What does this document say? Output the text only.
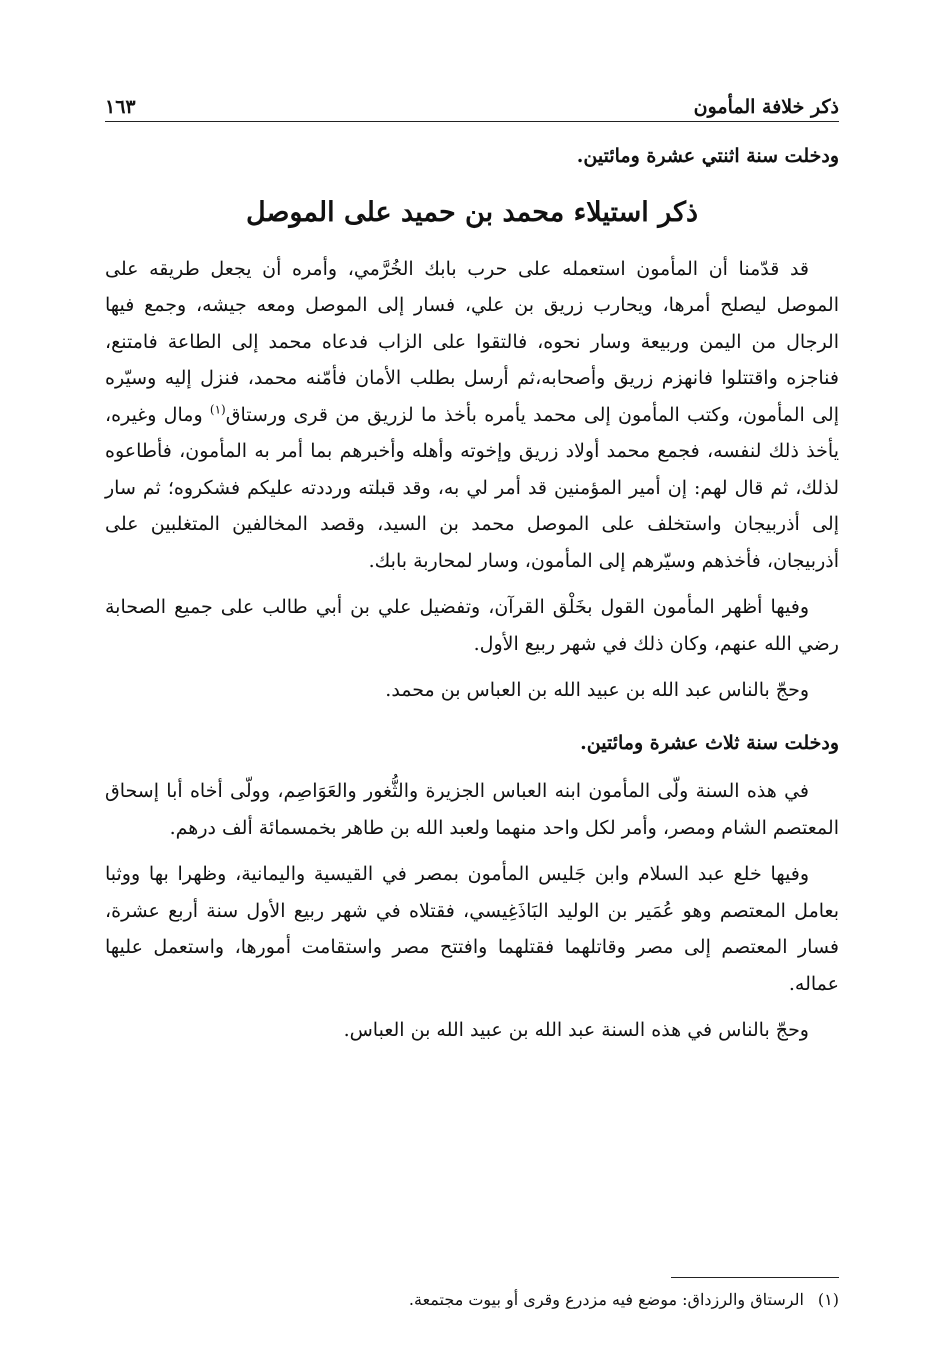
ذكر خلافة المأمون
١٦٣
ودخلت سنة اثنتي عشرة ومائتين.
ذكر استيلاء محمد بن حميد على الموصل

قد قدّمنا أن المأمون استعمله على حرب بابك الخُرَّمي، وأمره أن يجعل طريقه على الموصل ليصلح أمرها، ويحارب زريق بن علي، فسار إلى الموصل ومعه جيشه، وجمع فيها الرجال من اليمن وربيعة وسار نحوه، فالتقوا على الزاب فدعاه محمد إلى الطاعة فامتنع، فناجزه واقتتلوا فانهزم زريق وأصحابه،ثم أرسل بطلب الأمان فأمّنه محمد، فنزل إليه وسيّره إلى المأمون، وكتب المأمون إلى محمد يأمره بأخذ ما لزريق من قرى ورستاق$^{(١)}$ ومال وغيره، يأخذ ذلك لنفسه، فجمع محمد أولاد زريق وإخوته وأهله وأخبرهم بما أمر به المأمون، فأطاعوه لذلك، ثم قال لهم: إن أمير المؤمنين قد أمر لي به، وقد قبلته ورددته عليكم فشكروه؛ ثم سار إلى أذربيجان واستخلف على الموصل محمد بن السيد، وقصد المخالفين المتغلبين على أذربيجان، فأخذهم وسيّرهم إلى المأمون، وسار لمحاربة بابك.

وفيها أظهر المأمون القول بخَلْق القرآن، وتفضيل علي بن أبي طالب على جميع الصحابة رضي الله عنهم، وكان ذلك في شهر ربيع الأول.

وحجّ بالناس عبد الله بن عبيد الله بن العباس بن محمد.

ودخلت سنة ثلاث عشرة ومائتين.

في هذه السنة ولّى المأمون ابنه العباس الجزيرة والثُّغور والعَوَاصِم، وولّى أخاه أبا إسحاق المعتصم الشام ومصر، وأمر لكل واحد منهما ولعبد الله بن طاهر بخمسمائة ألف درهم.

وفيها خلع عبد السلام وابن جَليس المأمون بمصر في القيسية واليمانية، وظهرا بها ووثبا بعامل المعتصم وهو عُمَير بن الوليد البَاذَغِيسي، فقتلاه في شهر ربيع الأول سنة أربع عشرة، فسار المعتصم إلى مصر وقاتلهما فقتلهما وافتتح مصر واستقامت أمورها، واستعمل عليها عماله.

وحجّ بالناس في هذه السنة عبد الله بن عبيد الله بن العباس.

(١)الرستاق والرزداق: موضع فيه مزدرع وقرى أو بيوت مجتمعة.
